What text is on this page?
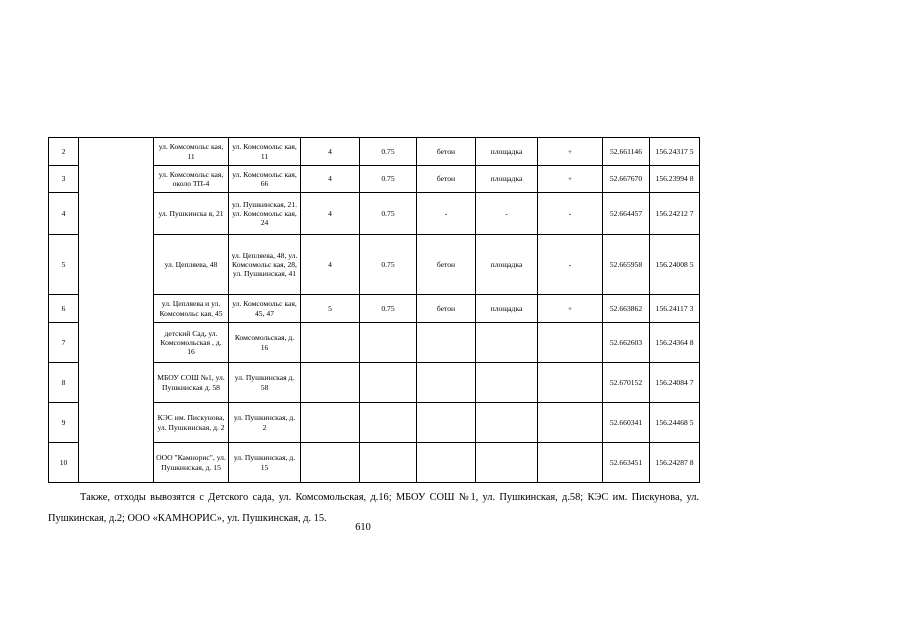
2		ул. Комсомольс кая, 11	ул. Комсомольс кая, 11	4	0.75	бетон	площадка	+	52.661146	156.24317 5
3		ул. Комсомольс кая, около ТП-4	ул. Комсомольс кая, 66	4	0.75	бетон	площадка	+	52.667670	156.23994 8
4		ул. Пушкинска я, 21	ул. Пушкинская, 21. ул. Комсомольс кая, 24	4	0.75	-	-	-	52.664457	156.24212 7
5		ул. Цепляева, 48	ул. Цепляева, 48, ул. Комсомольс кая, 28, ул. Пушкинская, 41	4	0.75	бетон	площадка	-	52.665958	156.24008 5
6		ул. Цепляева и ул. Комсомольс кая, 45	ул. Комсомольс кая, 45, 47	5	0.75	бетон	площадка	+	52.663862	156.24117 3
7		детский Сад, ул. Комсомольская , д. 16	Комсомольская, д. 16						52.662603	156.24364 8
8		МБОУ СОШ №1, ул. Пушкинская д. 58	ул. Пушкинская д. 58						52.670152	156.24084 7
9		КЭС им. Пискунова, ул. Пушкинская, д. 2	ул. Пушкинская, д. 2						52.660341	156.24468 5
10		ООО "Камнорис", ул. Пушкинская, д. 15	ул. Пушкинская, д. 15						52.663451	156.24287 8
Также, отходы вывозятся с Детского сада, ул. Комсомольская, д.16; МБОУ СОШ №1, ул. Пушкинская, д.58; КЭС им. Пискунова, ул. Пушкинская, д.2; ООО «КАМНОРИС», ул. Пушкинская, д. 15.
610
